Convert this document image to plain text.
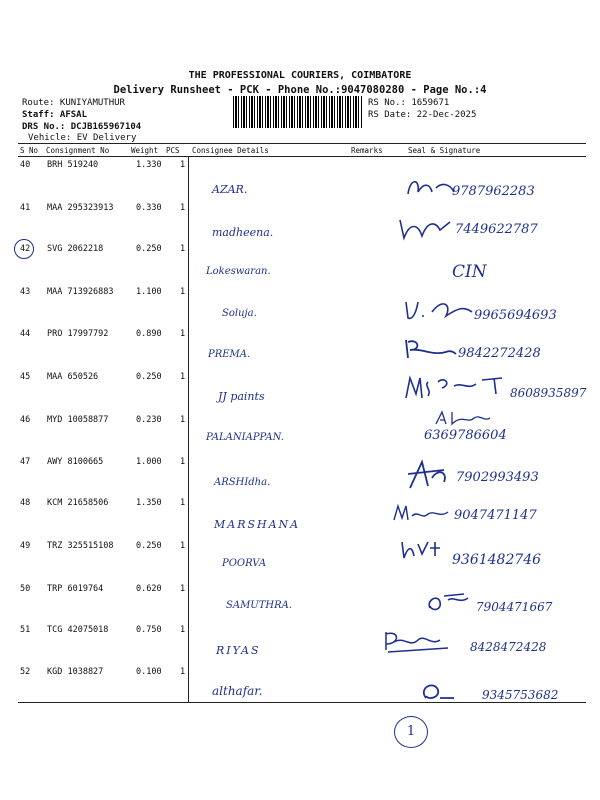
THE PROFESSIONAL COURIERS, COIMBATORE
Delivery Runsheet - PCK - Phone No.:9047080280 - Page No.:4
Route: KUNIYAMUTHUR
Staff: AFSAL
DRS No.: DCJB165967104
Vehicle: EV Delivery
RS No.: 1659671
RS Date: 22-Dec-2025
S No Consignment No	Weight PCS Consignee Details	Remarks	Seal & Signature
40 BRH 519240	1.330 1
AZAR.	9787962283
41 MAA 295323913	0.330 1
madheena.	7449622787
42 SVG 2062218	0.250 1
Lokeswaran.	CIN
43 MAA 713926883	1.100 1
Soluja.	9965694693
44 PRO 17997792	0.890 1
PREMA.	9842272428
45 MAA 650526	0.250 1
JJ paints	8608935897
46 MYD 10058877	0.230 1
PALANIAPPAN.	6369786604
47 AWY 8100665	1.000 1
ARSHIdha.	7902993493
48 KCM 21658506	1.350 1
MARSHANA
9047471147
49 TRZ 325515108	0.250 1
POORVA	9361482746
50 TRP 6019764	0.620 1
SAMUTHRA.	7904471667
51 TCG 42075018	0.750 1
RIYAS	8428472428
52 KGD 1038827	0.100 1
althafar.	9345753682
1
